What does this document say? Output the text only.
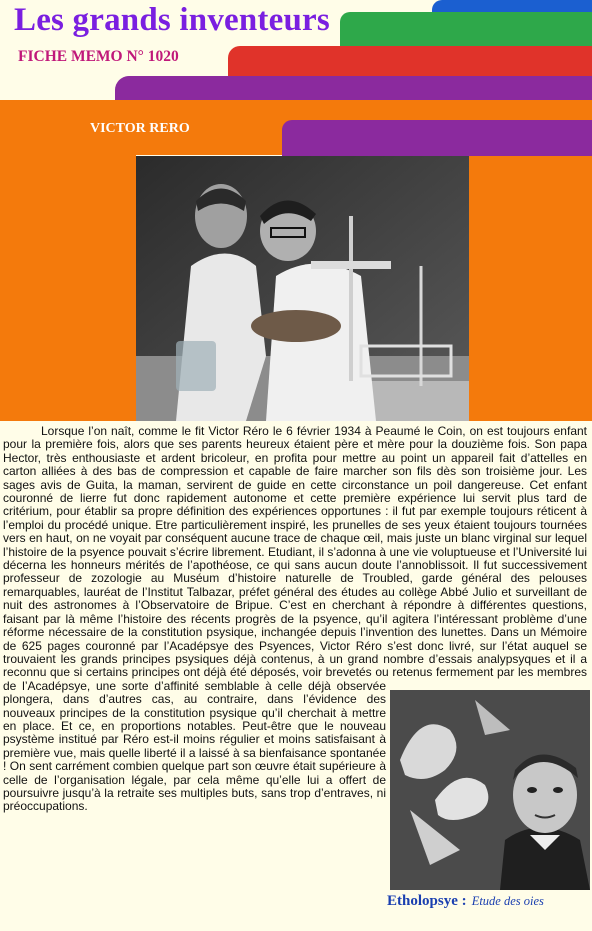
Les grands inventeurs
FICHE MEMO N° 1020
VICTOR RERO

Lorsque l’on naît, comme le fit Victor Réro le 6 février 1934 à Peaumé le Coin, on est toujours enfant pour la première fois, alors que ses parents heureux étaient père et mère pour la douzième fois. Son papa Hector, très enthousiaste et ardent bricoleur, en profita pour mettre au point un appareil fait d’attelles en carton alliées à des bas de compression et capable de faire marcher son fils dès son troisième jour. Les sages avis de Guita, la maman, servirent de guide en cette circonstance un poil dangereuse. Cet enfant couronné de lierre fut donc rapidement autonome et cette première expérience lui servit plus tard de critérium, pour établir sa propre définition des expériences opportunes : il fut par exemple toujours réticent à l’emploi du procédé unique. Etre particulièrement inspiré, les prunelles de ses yeux étaient toujours tournées vers en haut, on ne voyait par conséquent aucune trace de chaque œil, mais juste un blanc virginal sur lequel l’histoire de la psyence pouvait s’écrire librement. Etudiant, il s’adonna à une vie voluptueuse et l’Université lui décerna les honneurs mérités de l’apothéose, ce qui sans aucun doute l’annoblissoit. Il fut successivement professeur de zozologie au Muséum d’histoire naturelle de Troubled, garde général des pelouses remarquables, lauréat de l’Institut Talbazar, préfet général des études au collège Abbé Julio et surveillant de nuit des astronomes à l’Observatoire de Bripue. C’est en cherchant à répondre à différentes questions, faisant par là même l’histoire des récents progrès de la psyence, qu’il agitera l’intéressant problème d’une réforme nécessaire de la constitution psysique, inchangée depuis l’invention des lunettes. Dans un Mémoire de 625 pages couronné par l’Acadépsye des Psyences, Victor Réro s’est donc livré, sur l’état auquel se trouvaient les grands principes psysiques déjà contenus, à un grand nombre d’essais analypsyques et il a reconnu que si certains principes ont déjà été déposés, voir brevetés ou retenus fermement par les membres de l’Acadépsye, une sorte d’affinité semblable à celle déjà observée plongera, dans d’autres cas, au contraire, dans l’évidence des nouveaux principes de la constitution psysique qu’il cherchait à mettre en place. Et ce, en proportions notables. Peut-être que le nouveau psystème institué par Réro est-il moins régulier et moins satisfaisant à première vue, mais quelle liberté il a laissé à sa bienfaisance spontanée ! On sent carrément combien quelque part son œuvre était supérieure à celle de l’organisation légale, par cela même qu’elle lui a offert de poursuivre jusqu’à la retraite ses multiples buts, sans trop d’entraves, ni préoccupations.

Etholopsye : Etude des oies
